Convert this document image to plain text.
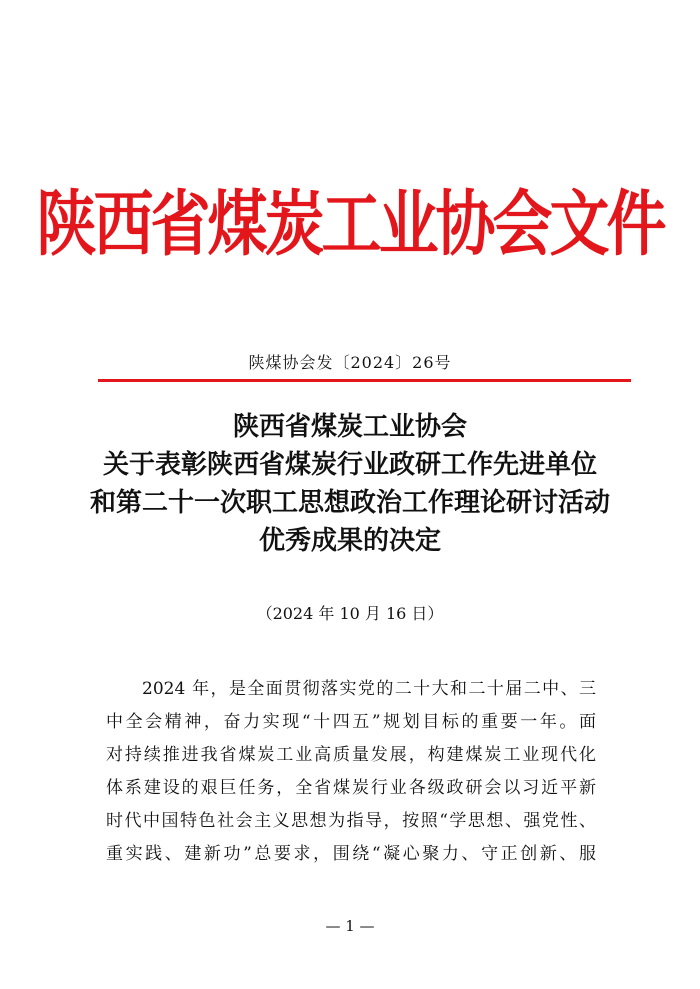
陕西省煤炭工业协会文件
陕煤协会发〔2024〕26号
陕西省煤炭工业协会
关于表彰陕西省煤炭行业政研工作先进单位
和第二十一次职工思想政治工作理论研讨活动
优秀成果的决定
（2024 年 10 月 16 日）
2024 年，是全面贯彻落实党的二十大和二十届二中、三
中全会精神，奋力实现“十四五”规划目标的重要一年。面
对持续推进我省煤炭工业高质量发展，构建煤炭工业现代化
体系建设的艰巨任务，全省煤炭行业各级政研会以习近平新
时代中国特色社会主义思想为指导，按照“学思想、强党性、
重实践、建新功”总要求，围绕“凝心聚力、守正创新、服
— 1 —
